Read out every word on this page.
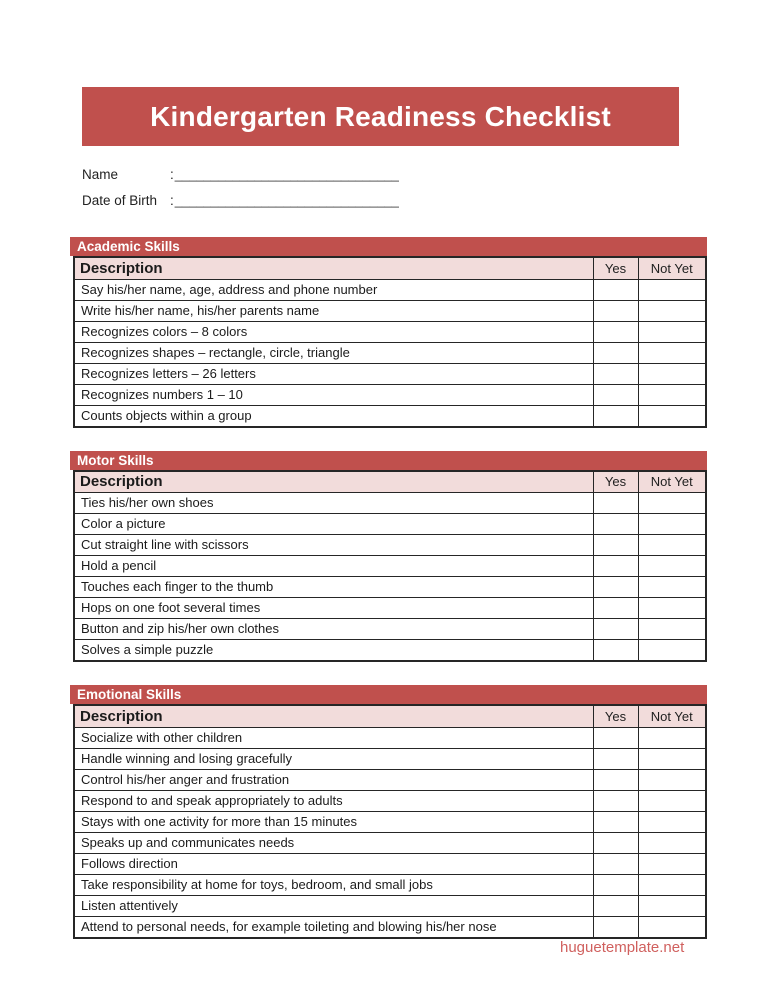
Kindergarten Readiness Checklist
Name	: _______________________________
Date of Birth : _______________________________
Academic Skills
Description	Yes	Not Yet
Say his/her name, age, address and phone number		
Write his/her name, his/her parents name		
Recognizes colors – 8 colors		
Recognizes shapes – rectangle, circle, triangle		
Recognizes letters – 26 letters		
Recognizes numbers 1 – 10		
Counts objects within a group		
Motor Skills
Description	Yes	Not Yet
Ties his/her own shoes		
Color a picture		
Cut straight line with scissors		
Hold a pencil		
Touches each finger to the thumb		
Hops on one foot several times		
Button and zip his/her own clothes		
Solves a simple puzzle		
Emotional Skills
Description	Yes	Not Yet
Socialize with other children		
Handle winning and losing gracefully		
Control his/her anger and frustration		
Respond to and speak appropriately to adults		
Stays with one activity for more than 15 minutes		
Speaks up and communicates needs		
Follows direction		
Take responsibility at home for toys, bedroom, and small jobs		
Listen attentively		
Attend to personal needs, for example toileting and blowing his/her nose		
huguetemplate.net
